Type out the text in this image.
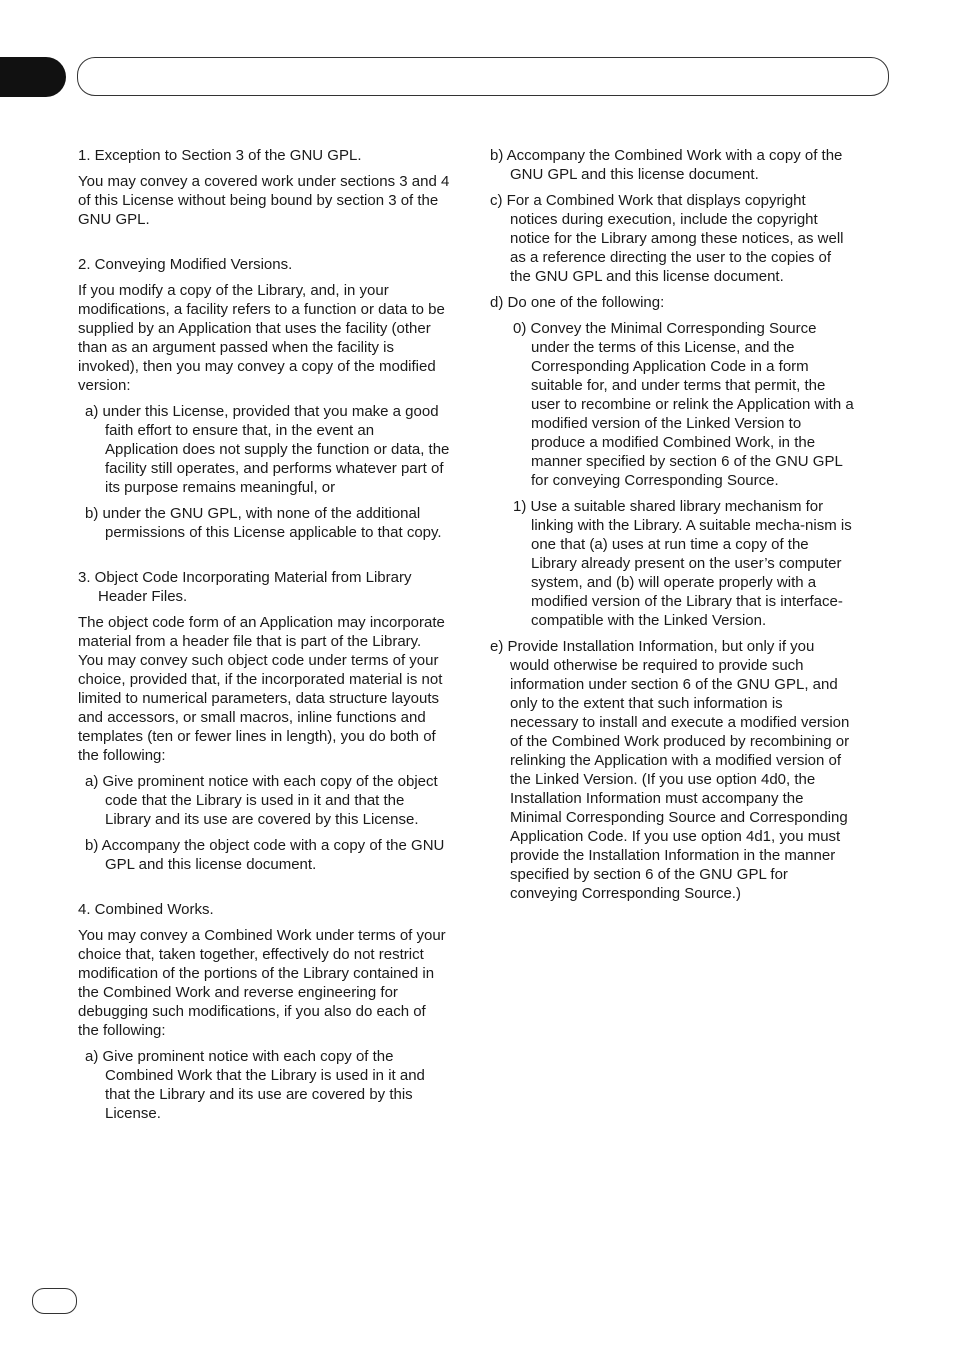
1. Exception to Section 3 of the GNU GPL.

You may convey a covered work under sections 3 and 4 of this License without being bound by section 3 of the GNU GPL.

2. Conveying Modified Versions.

If you modify a copy of the Library, and, in your modifications, a facility refers to a function or data to be supplied by an Application that uses the facility (other than as an argument passed when the facility is invoked), then you may convey a copy of the modified version:

a) under this License, provided that you make a good faith effort to ensure that, in the event an Application does not supply the function or data, the facility still operates, and performs whatever part of its purpose remains meaningful, or

b) under the GNU GPL, with none of the additional permissions of this License applicable to that copy.

3. Object Code Incorporating Material from Library Header Files.

The object code form of an Application may incorporate material from a header file that is part of the Library. You may convey such object code under terms of your choice, provided that, if the incorporated material is not limited to numerical parameters, data structure layouts and accessors, or small macros, inline functions and templates (ten or fewer lines in length), you do both of the following:

a) Give prominent notice with each copy of the object code that the Library is used in it and that the Library and its use are covered by this License.

b) Accompany the object code with a copy of the GNU GPL and this license document.

4. Combined Works.

You may convey a Combined Work under terms of your choice that, taken together, effectively do not restrict modification of the portions of the Library contained in the Combined Work and reverse engineering for debugging such modifications, if you also do each of the following:

a) Give prominent notice with each copy of the Combined Work that the Library is used in it and that the Library and its use are covered by this License.

b) Accompany the Combined Work with a copy of the GNU GPL and this license document.

c) For a Combined Work that displays copyright notices during execution, include the copyright notice for the Library among these notices, as well as a reference directing the user to the copies of the GNU GPL and this license document.

d) Do one of the following:

0) Convey the Minimal Corresponding Source under the terms of this License, and the Corresponding Application Code in a form suitable for, and under terms that permit, the user to recombine or relink the Application with a modified version of the Linked Version to produce a modified Combined Work, in the manner specified by section 6 of the GNU GPL for conveying Corresponding Source.

1) Use a suitable shared library mechanism for linking with the Library. A suitable mecha-nism is one that (a) uses at run time a copy of the Library already present on the user’s computer system, and (b) will operate properly with a modified version of the Library that is interface-compatible with the Linked Version.

e) Provide Installation Information, but only if you would otherwise be required to provide such information under section 6 of the GNU GPL, and only to the extent that such information is necessary to install and execute a modified version of the Combined Work produced by recombining or relinking the Application with a modified version of the Linked Version. (If you use option 4d0, the Installation Information must accompany the Minimal Corresponding Source and Corresponding Application Code. If you use option 4d1, you must provide the Installation Information in the manner specified by section 6 of the GNU GPL for conveying Corresponding Source.)
